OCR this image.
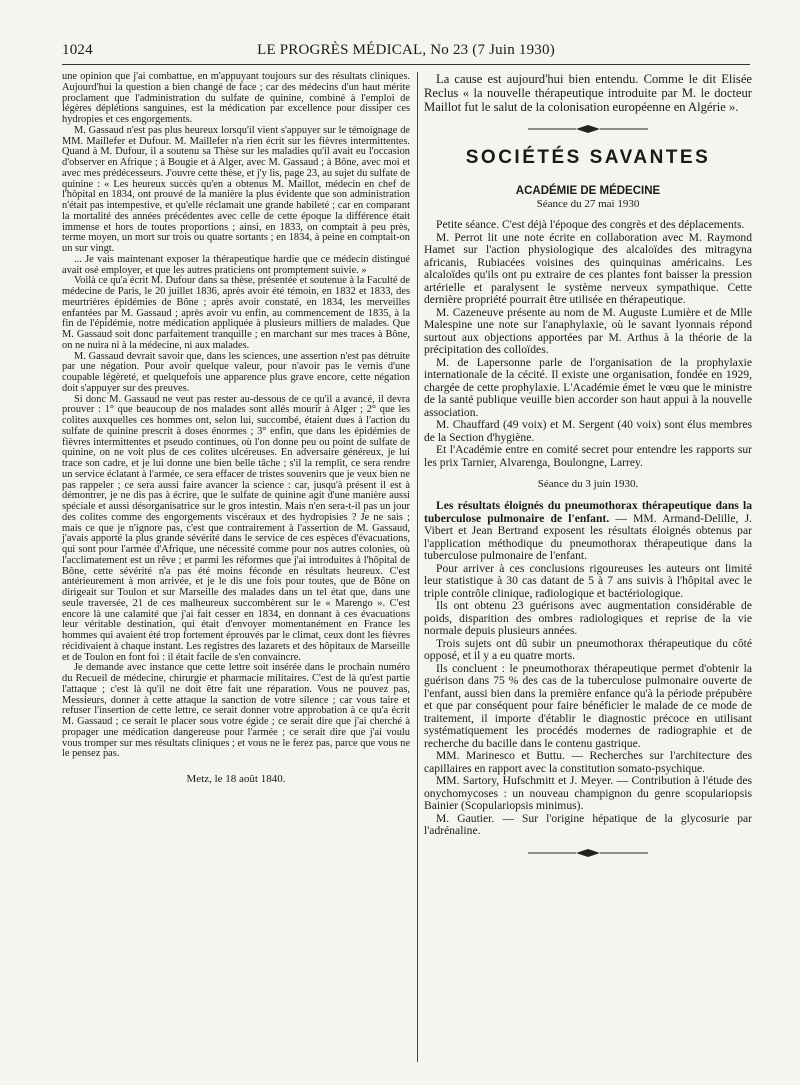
1024	LE PROGRÈS MÉDICAL, No 23 (7 Juin 1930)

une opinion que j'ai combattue, en m'appuyant toujours sur des résultats cliniques. Aujourd'hui la question a bien changé de face ; car des médecins d'un haut mérite proclament que l'administration du sulfate de quinine, combiné à l'emploi de légères déplétions sanguines, est la médication par excellence pour dissiper ces hydropies et ces engorgements.

M. Gassaud n'est pas plus heureux lorsqu'il vient s'appuyer sur le témoignage de MM. Maillefer et Dufour. M. Maillefer n'a rien écrit sur les fièvres intermittentes. Quand à M. Dufour, il a soutenu sa Thèse sur les maladies qu'il avait eu l'occasion d'observer en Afrique ; à Bougie et à Alger, avec M. Gassaud ; à Bône, avec moi et avec mes prédécesseurs. J'ouvre cette thèse, et j'y lis, page 23, au sujet du sulfate de quinine : « Les heureux succès qu'en a obtenus M. Maillot, médecin en chef de l'hôpital en 1834, ont prouvé de la manière la plus évidente que son administration n'était pas intempestive, et qu'elle réclamait une grande habileté ; car en comparant la mortalité des années précédentes avec celle de cette époque la différence était immense et hors de toutes proportions ; ainsi, en 1833, on comptait à peu près, terme moyen, un mort sur trois ou quatre sortants ; en 1834, à peine en comptait-on un sur vingt.

... Je vais maintenant exposer la thérapeutique hardie que ce médecin distingué avait osé employer, et que les autres praticiens ont promptement suivie. »

Voilà ce qu'a écrit M. Dufour dans sa thèse, présentée et soutenue à la Faculté de médecine de Paris, le 20 juillet 1836, après avoir été témoin, en 1832 et 1833, des meurtrières épidémies de Bône ; après avoir constaté, en 1834, les merveilles enfantées par M. Gassaud ; après avoir vu enfin, au commencement de 1835, à la fin de l'épidémie, notre médication appliquée à plusieurs milliers de malades. Que M. Gassaud soit donc parfaitement tranquille ; en marchant sur mes traces à Bône, on ne nuira ni à la médecine, ni aux malades.

M. Gassaud devrait savoir que, dans les sciences, une assertion n'est pas détruite par une négation. Pour avoir quelque valeur, pour n'avoir pas le vernis d'une coupable légèreté, et quelquefois une apparence plus grave encore, cette négation doit s'appuyer sur des preuves.

Si donc M. Gassaud ne veut pas rester au-dessous de ce qu'il a avancé, il devra prouver : 1° que beaucoup de nos malades sont allés mourir à Alger ; 2° que les colites auxquelles ces hommes ont, selon lui, succombé, étaient dues à l'action du sulfate de quinine prescrit à doses énormes ; 3° enfin, que dans les épidémies de fièvres intermittentes et pseudo continues, où l'on donne peu ou point de sulfate de quinine, on ne voit plus de ces colites ulcéreuses. En adversaire généreux, je lui trace son cadre, et je lui donne une bien belle tâche ; s'il la remplit, ce sera rendre un service éclatant à l'armée, ce sera effacer de tristes souvenirs que je veux bien ne pas rappeler ; ce sera aussi faire avancer la science : car, jusqu'à présent il est à démontrer, je ne dis pas à écrire, que le sulfate de quinine agit d'une manière aussi spéciale et aussi désorganisatrice sur le gros intestin. Mais n'en sera-t-il pas un jour des colites comme des engorgements viscéraux et des hydropisies ? Je ne sais ; mais ce que je n'ignore pas, c'est que contrairement à l'assertion de M. Gassaud, j'avais apporté la plus grande sévérité dans le service de ces espèces d'évacuations, qui sont pour l'armée d'Afrique, une nécessité comme pour nos autres colonies, où l'acclimatement est un rêve ; et parmi les réformes que j'ai introduites à l'hôpital de Bône, cette sévérité n'a pas été moins féconde en résultats heureux. C'est antérieurement à mon arrivée, et je le dis une fois pour toutes, que de Bône on dirigeait sur Toulon et sur Marseille des malades dans un tel état que, dans une seule traversée, 21 de ces malheureux succombèrent sur le « Marengo ». C'est encore là une calamité que j'ai fait cesser en 1834, en donnant à ces évacuations leur véritable destination, qui était d'envoyer momentanément en France les hommes qui avaient été trop fortement éprouvés par le climat, ceux dont les fièvres récidivaient à chaque instant. Les registres des lazarets et des hôpitaux de Marseille et de Toulon en font foi : il était facile de s'en convaincre.

Je demande avec instance que cette lettre soit insérée dans le prochain numéro du Recueil de médecine, chirurgie et pharmacie militaires. C'est de là qu'est partie l'attaque ; c'est là qu'il ne doit être fait une réparation. Vous ne pouvez pas, Messieurs, donner à cette attaque la sanction de votre silence ; car vous taire et refuser l'insertion de cette lettre, ce serait donner votre approbation à ce qu'a écrit M. Gassaud ; ce serait le placer sous votre égide ; ce serait dire que j'ai cherché à propager une médication dangereuse pour l'armée ; ce serait dire que j'ai voulu vous tromper sur mes résultats cliniques ; et vous ne le ferez pas, parce que vous ne le pensez pas.

Metz, le 18 août 1840.

La cause est aujourd'hui bien entendu. Comme le dit Elisée Reclus « la nouvelle thérapeutique introduite par M. le docteur Maillot fut le salut de la colonisation européenne en Algérie ».

SOCIÉTÉS SAVANTES
ACADÉMIE DE MÉDECINE
Séance du 27 mai 1930

Petite séance. C'est déjà l'époque des congrès et des déplacements.

M. Perrot lit une note écrite en collaboration avec M. Raymond Hamet sur l'action physiologique des alcaloïdes des mitragyna africanis, Rubiacées voisines des quinquinas américains. Les alcaloïdes qu'ils ont pu extraire de ces plantes font baisser la pression artérielle et paralysent le système nerveux sympathique. Cette dernière propriété pourrait être utilisée en thérapeutique.

M. Cazeneuve présente au nom de M. Auguste Lumière et de Mlle Malespine une note sur l'anaphylaxie, où le savant lyonnais répond surtout aux objections apportées par M. Arthus à la théorie de la précipitation des colloïdes.

M. de Lapersonne parle de l'organisation de la prophylaxie internationale de la cécité. Il existe une organisation, fondée en 1929, chargée de cette prophylaxie. L'Académie émet le vœu que le ministre de la santé publique veuille bien accorder son haut appui à la nouvelle association.

M. Chauffard (49 voix) et M. Sergent (40 voix) sont élus membres de la Section d'hygiène.

Et l'Académie entre en comité secret pour entendre les rapports sur les prix Tarnier, Alvarenga, Boulongne, Larrey.

Séance du 3 juin 1930.

Les résultats éloignés du pneumothorax thérapeutique dans la tuberculose pulmonaire de l'enfant. — MM. Armand-Delille, J. Vibert et Jean Bertrand exposent les résultats éloignés obtenus par l'application méthodique du pneumothorax thérapeutique dans la tuberculose pulmonaire de l'enfant.

Pour arriver à ces conclusions rigoureuses les auteurs ont limité leur statistique à 30 cas datant de 5 à 7 ans suivis à l'hôpital avec le triple contrôle clinique, radiologique et bactériologique.

Ils ont obtenu 23 guérisons avec augmentation considérable de poids, disparition des ombres radiologiques et reprise de la vie normale depuis plusieurs années.

Trois sujets ont dû subir un pneumothorax thérapeutique du côté opposé, et il y a eu quatre morts.

Ils concluent : le pneumothorax thérapeutique permet d'obtenir la guérison dans 75 % des cas de la tuberculose pulmonaire ouverte de l'enfant, aussi bien dans la première enfance qu'à la période prépubère et que par conséquent pour faire bénéficier le malade de ce mode de traitement, il importe d'établir le diagnostic précoce en utilisant systématiquement les procédés modernes de radiographie et de recherche du bacille dans le contenu gastrique.

MM. Marinesco et Buttu. — Recherches sur l'architecture des capillaires en rapport avec la constitution somato-psychique.

MM. Sartory, Hufschmitt et J. Meyer. — Contribution à l'étude des onychomycoses : un nouveau champignon du genre scopulariopsis Bainier (Scopulariopsis minimus).

M. Gautier. — Sur l'origine hépatique de la glycosurie par l'adrénaline.
